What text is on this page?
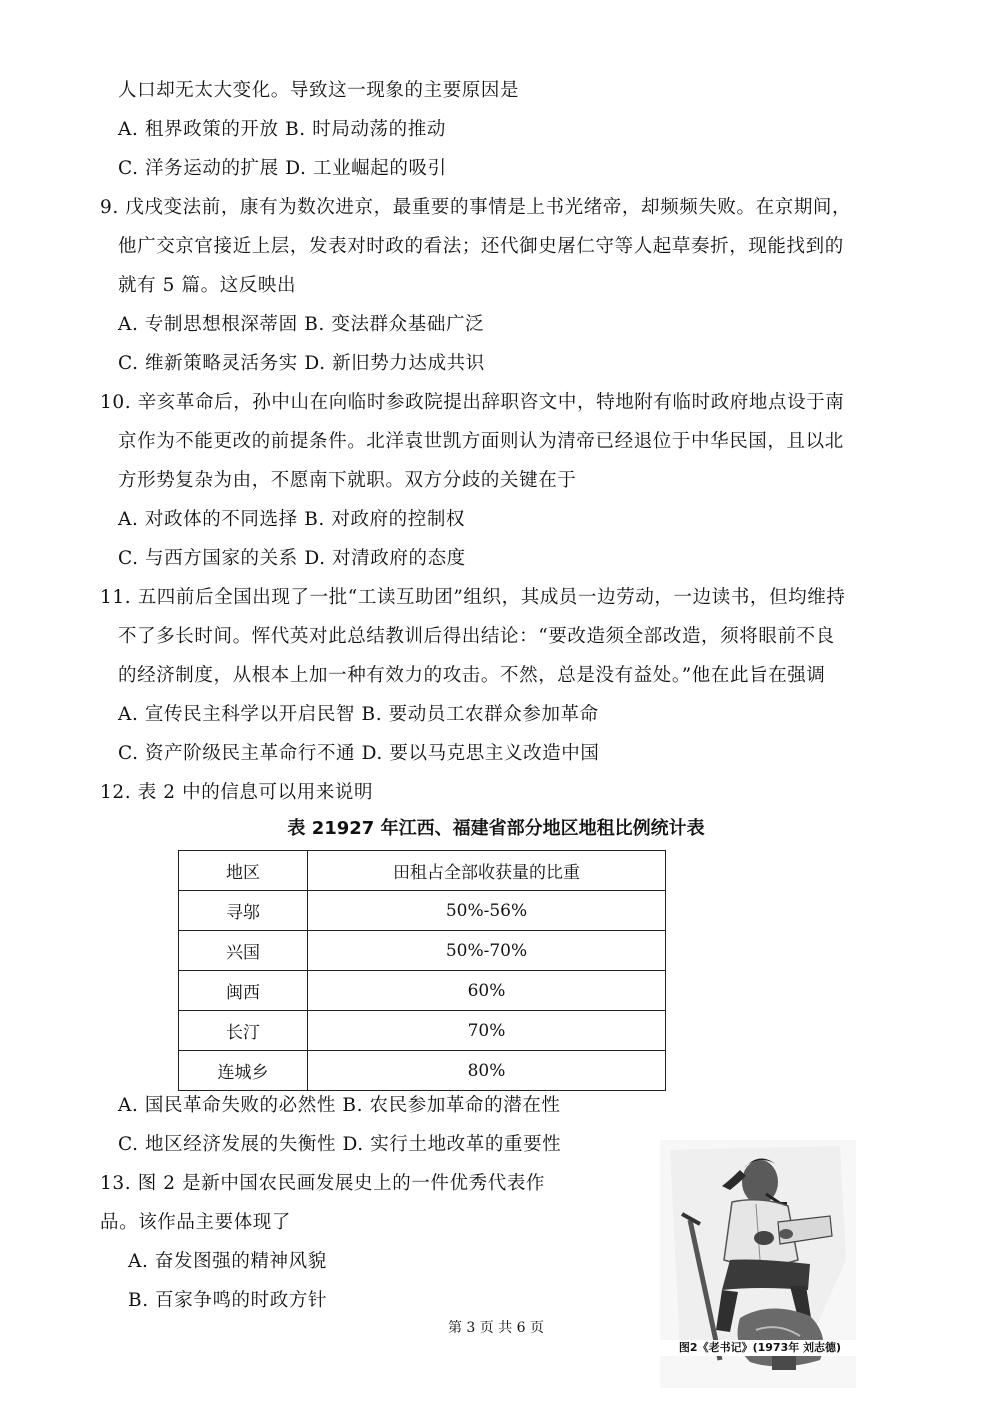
人口却无太大变化。导致这一现象的主要原因是
A. 租界政策的开放 B. 时局动荡的推动
C. 洋务运动的扩展 D. 工业崛起的吸引
9. 戊戌变法前，康有为数次进京，最重要的事情是上书光绪帝，却频频失败。在京期间，
他广交京官接近上层，发表对时政的看法；还代御史屠仁守等人起草奏折，现能找到的
就有 5 篇。这反映出
A. 专制思想根深蒂固 B. 变法群众基础广泛
C. 维新策略灵活务实 D. 新旧势力达成共识
10. 辛亥革命后，孙中山在向临时参政院提出辞职咨文中，特地附有临时政府地点设于南
京作为不能更改的前提条件。北洋袁世凯方面则认为清帝已经退位于中华民国，且以北
方形势复杂为由，不愿南下就职。双方分歧的关键在于
A. 对政体的不同选择 B. 对政府的控制权
C. 与西方国家的关系 D. 对清政府的态度
11. 五四前后全国出现了一批“工读互助团”组织，其成员一边劳动，一边读书，但均维持
不了多长时间。恽代英对此总结教训后得出结论：“要改造须全部改造，须将眼前不良
的经济制度，从根本上加一种有效力的攻击。不然，总是没有益处。”他在此旨在强调
A. 宣传民主科学以开启民智 B. 要动员工农群众参加革命
C. 资产阶级民主革命行不通 D. 要以马克思主义改造中国
12. 表 2 中的信息可以用来说明
表 21927 年江西、福建省部分地区地租比例统计表
地区	田租占全部收获量的比重
寻邬	50%-56%
兴国	50%-70%
闽西	60%
长汀	70%
连城乡	80%
A. 国民革命失败的必然性 B. 农民参加革命的潜在性
C. 地区经济发展的失衡性 D. 实行土地改革的重要性
13. 图 2 是新中国农民画发展史上的一件优秀代表作
品。该作品主要体现了
A. 奋发图强的精神风貌
B. 百家争鸣的时政方针
图2《老书记》(1973年 刘志德)
第 3 页 共 6 页
